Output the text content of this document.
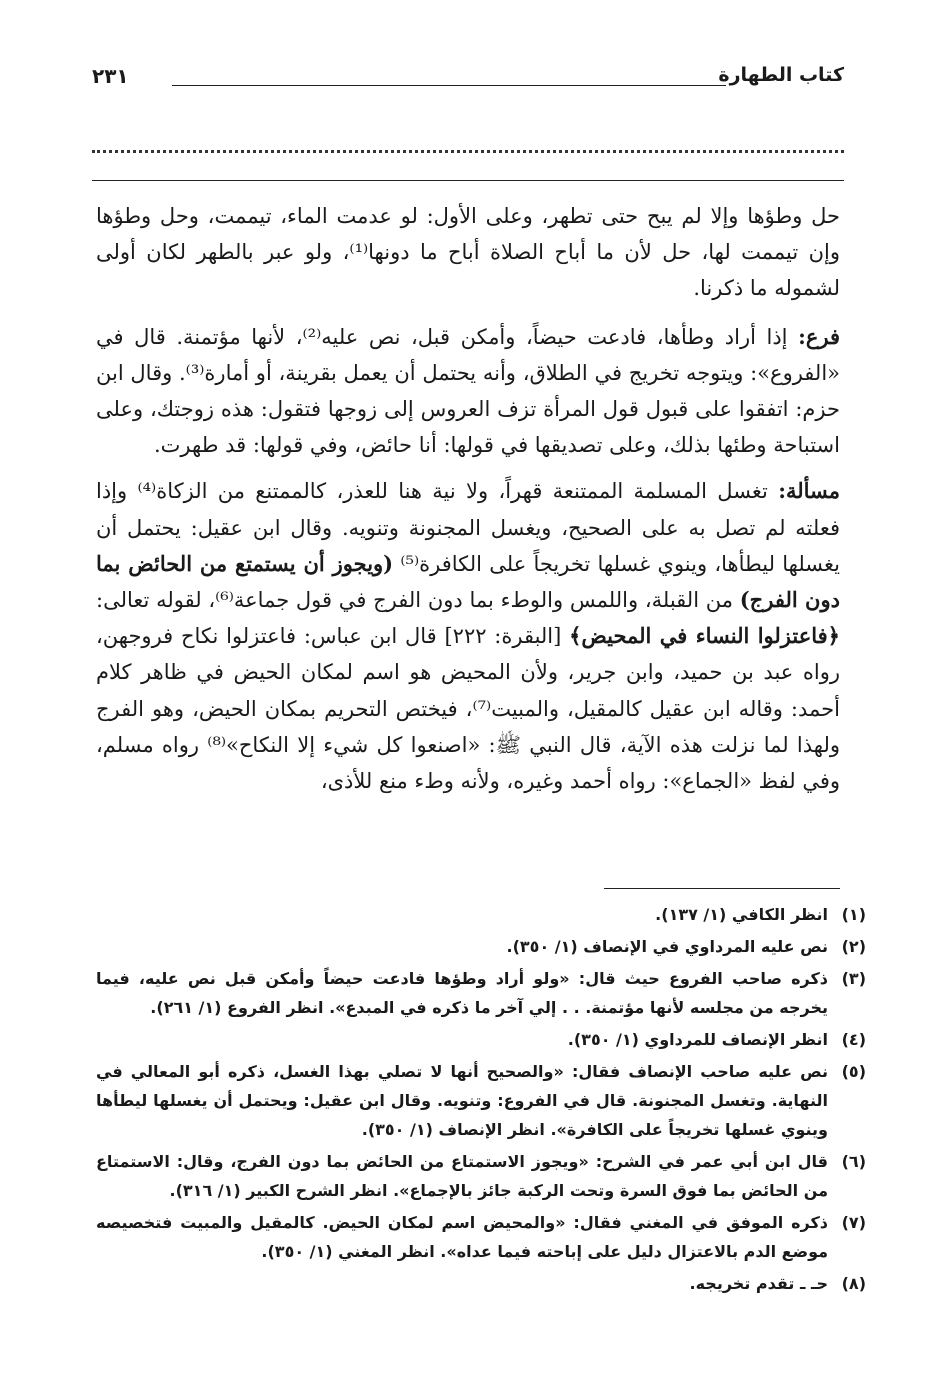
كتاب الطهارة
٢٣١

حل وطؤها وإلا لم يبح حتى تطهر، وعلى الأول: لو عدمت الماء، تيممت، وحل وطؤها وإن تيممت لها، حل لأن ما أباح الصلاة أباح ما دونها⁽¹⁾، ولو عبر بالطهر لكان أولى لشموله ما ذكرنا.

فرع: إذا أراد وطأها، فادعت حيضاً، وأمكن قبل، نص عليه⁽²⁾، لأنها مؤتمنة. قال في «الفروع»: ويتوجه تخريج في الطلاق، وأنه يحتمل أن يعمل بقرينة، أو أمارة⁽³⁾. وقال ابن حزم: اتفقوا على قبول قول المرأة تزف العروس إلى زوجها فتقول: هذه زوجتك، وعلى استباحة وطئها بذلك، وعلى تصديقها في قولها: أنا حائض، وفي قولها: قد طهرت.

مسألة: تغسل المسلمة الممتنعة قهراً، ولا نية هنا للعذر، كالممتنع من الزكاة⁽⁴⁾ وإذا فعلته لم تصل به على الصحيح، ويغسل المجنونة وتنويه. وقال ابن عقيل: يحتمل أن يغسلها ليطأها، وينوي غسلها تخريجاً على الكافرة⁽⁵⁾ (ويجوز أن يستمتع من الحائض بما دون الفرج) من القبلة، واللمس والوطء بما دون الفرج في قول جماعة⁽⁶⁾، لقوله تعالى: ﴿فاعتزلوا النساء في المحيض﴾ [البقرة: ٢٢٢] قال ابن عباس: فاعتزلوا نكاح فروجهن، رواه عبد بن حميد، وابن جرير، ولأن المحيض هو اسم لمكان الحيض في ظاهر كلام أحمد: وقاله ابن عقيل كالمقيل، والمبيت⁽⁷⁾، فيختص التحريم بمكان الحيض، وهو الفرج ولهذا لما نزلت هذه الآية، قال النبي ﷺ: «اصنعوا كل شيء إلا النكاح»⁽⁸⁾ رواه مسلم، وفي لفظ «الجماع»: رواه أحمد وغيره، ولأنه وطء منع للأذى،

(١)
انظر الكافي (١/ ١٣٧).
(٢)
نص عليه المرداوي في الإنصاف (١/ ٣٥٠).
(٣)
ذكره صاحب الفروع حيث قال: «ولو أراد وطؤها فادعت حيضاً وأمكن قبل نص عليه، فيما يخرجه من مجلسه لأنها مؤتمنة. . . إلي آخر ما ذكره في المبدع». انظر الفروع (١/ ٢٦١).
(٤)
انظر الإنصاف للمرداوي (١/ ٣٥٠).
(٥)
نص عليه صاحب الإنصاف فقال: «والصحيح أنها لا تصلي بهذا الغسل، ذكره أبو المعالي في النهاية. وتغسل المجنونة. قال في الفروع: وتنويه. وقال ابن عقيل: ويحتمل أن يغسلها ليطأها وينوي غسلها تخريجاً على الكافرة». انظر الإنصاف (١/ ٣٥٠).
(٦)
قال ابن أبي عمر في الشرح: «ويجوز الاستمتاع من الحائض بما دون الفرج، وقال: الاستمتاع من الحائض بما فوق السرة وتحت الركبة جائز بالإجماع». انظر الشرح الكبير (١/ ٣١٦).
(٧)
ذكره الموفق في المغني فقال: «والمحيض اسم لمكان الحيض. كالمقيل والمبيت فتخصيصه موضع الدم بالاعتزال دليل على إباحته فيما عداه». انظر المغني (١/ ٣٥٠).
(٨)
حـ ـ تقدم تخريجه.
